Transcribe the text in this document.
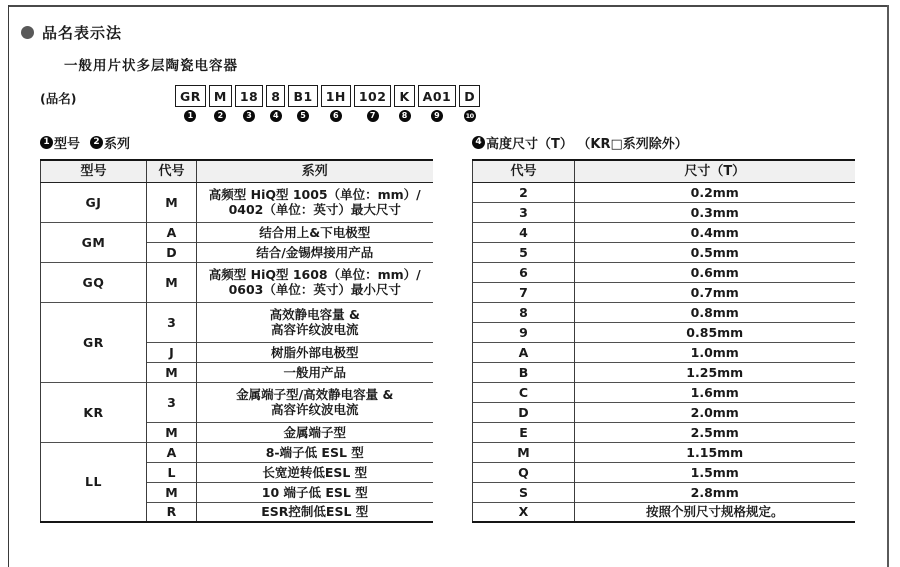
品名表示法
一般用片状多层陶瓷电容器
(品名)	GR
1
M
2
18
3
8
4
B1
5
1H
6
102
7
K
8
A01
9
D
10
1 型号	2 系列
型号	代号	系列
GJ	M	高频型 HiQ型 1005（单位：mm）/
0402（单位：英寸）最大尺寸

GM	A	结合用上&下电极型

	D	结合/金锡焊接用产品

GQ	M	高频型 HiQ型 1608（单位：mm）/
0603（单位：英寸）最小尺寸

GR	3	高效静电容量 &
高容许纹波电流

	J	树脂外部电极型

	M	一般用产品

KR	3	金属端子型/高效静电容量 &
高容许纹波电流

	M	金属端子型

LL	A	8-端子低 ESL 型

	L	长宽逆转低ESL 型

	M	10 端子低 ESL 型

	R	ESR控制低ESL 型
4 高度尺寸（T） （KR□系列除外）
代号	尺寸（T）
2	0.2mm
3	0.3mm
4	0.4mm
5	0.5mm
6	0.6mm
7	0.7mm
8	0.8mm
9	0.85mm
A	1.0mm
B	1.25mm
C	1.6mm
D	2.0mm
E	2.5mm
M	1.15mm
Q	1.5mm
S	2.8mm
X	按照个别尺寸规格规定。
